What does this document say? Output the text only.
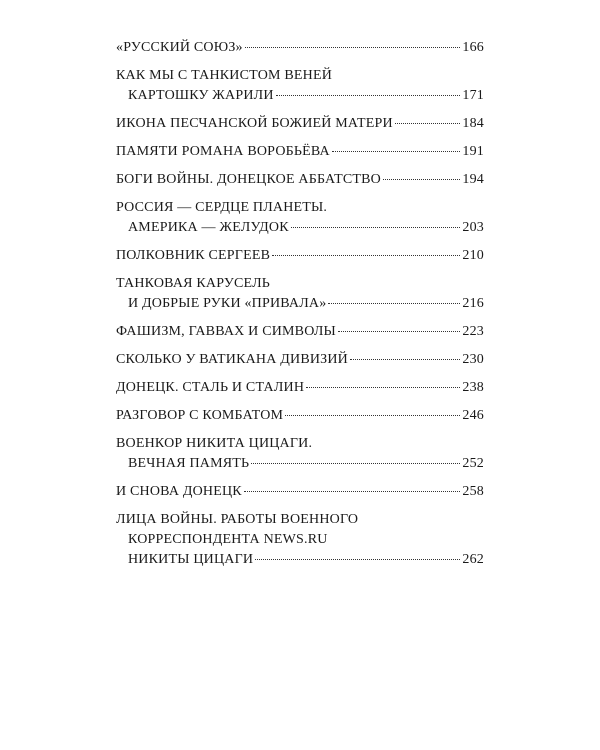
«РУССКИЙ СОЮЗ»	166
КАК МЫ С ТАНКИСТОМ ВЕНЕЙ
КАРТОШКУ ЖАРИЛИ	171
ИКОНА ПЕСЧАНСКОЙ БОЖИЕЙ МАТЕРИ	184
ПАМЯТИ РОМАНА ВОРОБЬЁВА	191
БОГИ ВОЙНЫ. ДОНЕЦКОЕ АББАТСТВО	194
РОССИЯ — СЕРДЦЕ ПЛАНЕТЫ.
АМЕРИКА — ЖЕЛУДОК	203
ПОЛКОВНИК СЕРГЕЕВ	210
ТАНКОВАЯ КАРУСЕЛЬ
И ДОБРЫЕ РУКИ «ПРИВАЛА»	216
ФАШИЗМ, ГАВВАХ И СИМВОЛЫ	223
СКОЛЬКО У ВАТИКАНА ДИВИЗИЙ	230
ДОНЕЦК. СТАЛЬ И СТАЛИН	238
РАЗГОВОР С КОМБАТОМ	246
ВОЕНКОР НИКИТА ЦИЦАГИ.
ВЕЧНАЯ ПАМЯТЬ	252
И СНОВА ДОНЕЦК	258
ЛИЦА ВОЙНЫ. РАБОТЫ ВОЕННОГО
КОРРЕСПОНДЕНТА NEWS.RU
НИКИТЫ ЦИЦАГИ	262
